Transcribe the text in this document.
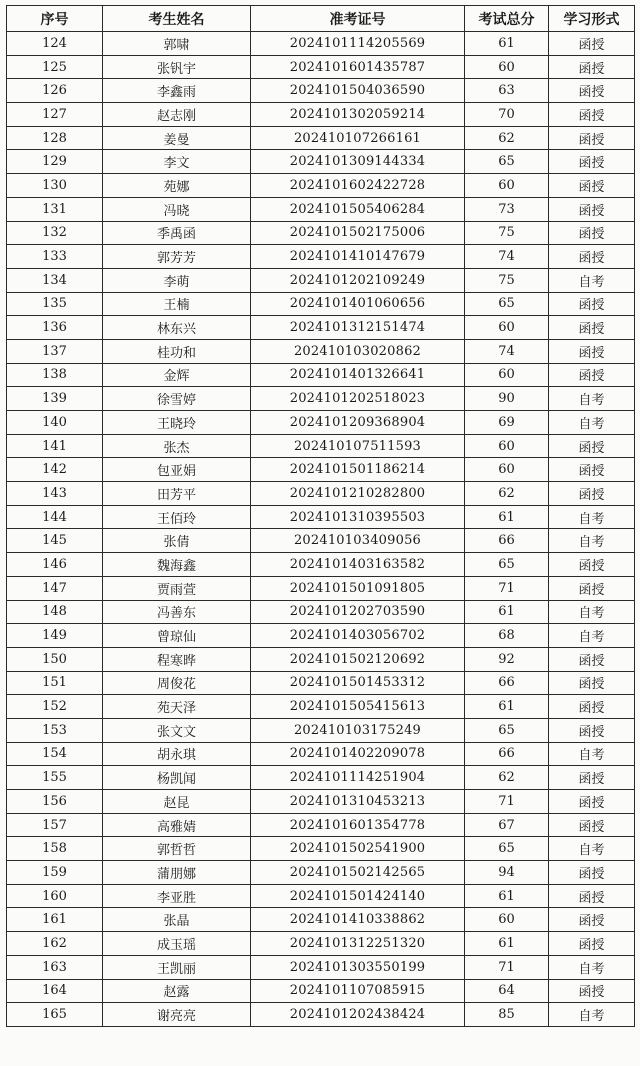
序号	考生姓名	准考证号	考试总分	学习形式
124	郭啸	2024101114205569	61	函授
125	张钒宇	2024101601435787	60	函授
126	李鑫雨	2024101504036590	63	函授
127	赵志刚	2024101302059214	70	函授
128	姜曼	202410107266161	62	函授
129	李文	2024101309144334	65	函授
130	苑娜	2024101602422728	60	函授
131	冯晓	2024101505406284	73	函授
132	季禹函	2024101502175006	75	函授
133	郭芳芳	2024101410147679	74	函授
134	李萌	2024101202109249	75	自考
135	王楠	2024101401060656	65	函授
136	林东兴	2024101312151474	60	函授
137	桂功和	202410103020862	74	函授
138	金辉	2024101401326641	60	函授
139	徐雪婷	2024101202518023	90	自考
140	王晓玲	2024101209368904	69	自考
141	张杰	202410107511593	60	函授
142	包亚娟	2024101501186214	60	函授
143	田芳平	2024101210282800	62	函授
144	王佰玲	2024101310395503	61	自考
145	张倩	202410103409056	66	自考
146	魏海鑫	2024101403163582	65	函授
147	贾雨萱	2024101501091805	71	函授
148	冯善东	2024101202703590	61	自考
149	曾琼仙	2024101403056702	68	自考
150	程寒晔	2024101502120692	92	函授
151	周俊花	2024101501453312	66	函授
152	苑天泽	2024101505415613	61	函授
153	张文文	202410103175249	65	函授
154	胡永琪	2024101402209078	66	自考
155	杨凯闻	2024101114251904	62	函授
156	赵昆	2024101310453213	71	函授
157	高雅婧	2024101601354778	67	函授
158	郭哲哲	2024101502541900	65	自考
159	蒲朋娜	2024101502142565	94	函授
160	李亚胜	2024101501424140	61	函授
161	张晶	2024101410338862	60	函授
162	成玉瑶	2024101312251320	61	函授
163	王凯丽	2024101303550199	71	自考
164	赵露	2024101107085915	64	函授
165	谢亮亮	2024101202438424	85	自考
